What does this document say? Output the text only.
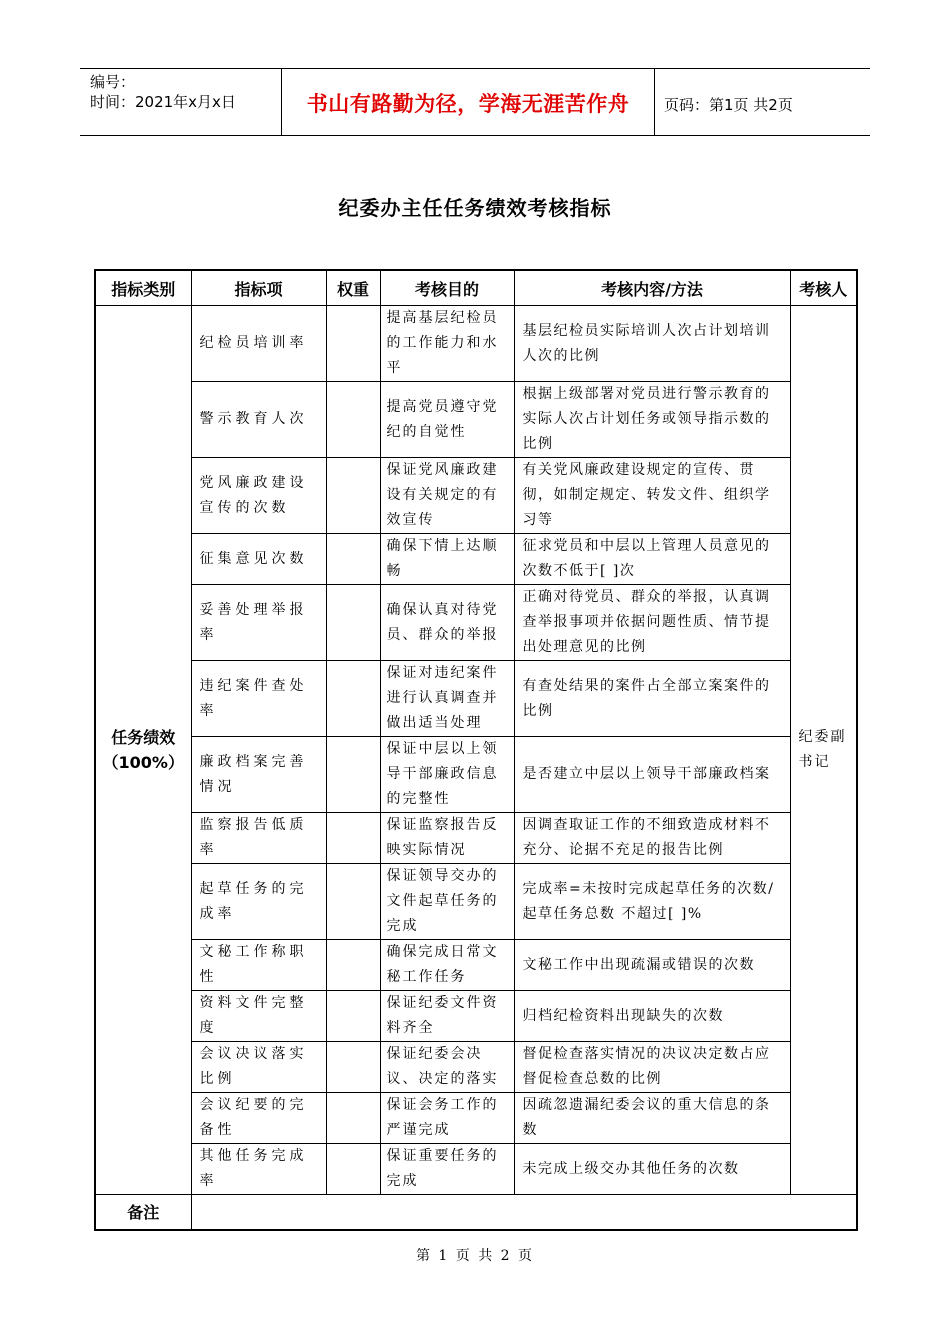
编号：
时间：2021年x月x日	书山有路勤为径，学海无涯苦作舟	页码：第1页 共2页
纪委办主任任务绩效考核指标
指标类别	指标项	权重	考核目的	考核内容/方法	考核人

任务绩效
（100%）	纪检员培训率		提高基层纪检员的工作能力和水平	基层纪检员实际培训人次占计划培训人次的比例	纪委副书记
	警示教育人次		提高党员遵守党纪的自觉性	根据上级部署对党员进行警示教育的实际人次占计划任务或领导指示数的比例	
	党风廉政建设宣传的次数		保证党风廉政建设有关规定的有效宣传	有关党风廉政建设规定的宣传、贯彻，如制定规定、转发文件、组织学习等	
	征集意见次数		确保下情上达顺畅	征求党员和中层以上管理人员意见的次数不低于[ ]次	
	妥善处理举报率		确保认真对待党员、群众的举报	正确对待党员、群众的举报，认真调查举报事项并依据问题性质、情节提出处理意见的比例	
	违纪案件查处率		保证对违纪案件进行认真调查并做出适当处理	有查处结果的案件占全部立案案件的比例	
	廉政档案完善情况		保证中层以上领导干部廉政信息的完整性	是否建立中层以上领导干部廉政档案	
	监察报告低质率		保证监察报告反映实际情况	因调查取证工作的不细致造成材料不充分、论据不充足的报告比例	
	起草任务的完成率		保证领导交办的文件起草任务的完成	完成率=未按时完成起草任务的次数/起草任务总数 不超过[ ]%	
	文秘工作称职性		确保完成日常文秘工作任务	文秘工作中出现疏漏或错误的次数	
	资料文件完整度		保证纪委文件资料齐全	归档纪检资料出现缺失的次数	
	会议决议落实比例		保证纪委会决议、决定的落实	督促检查落实情况的决议决定数占应督促检查总数的比例	
	会议纪要的完备性		保证会务工作的严谨完成	因疏忽遗漏纪委会议的重大信息的条数	
	其他任务完成率		保证重要任务的完成	未完成上级交办其他任务的次数	
备注					
第 1 页 共 2 页
